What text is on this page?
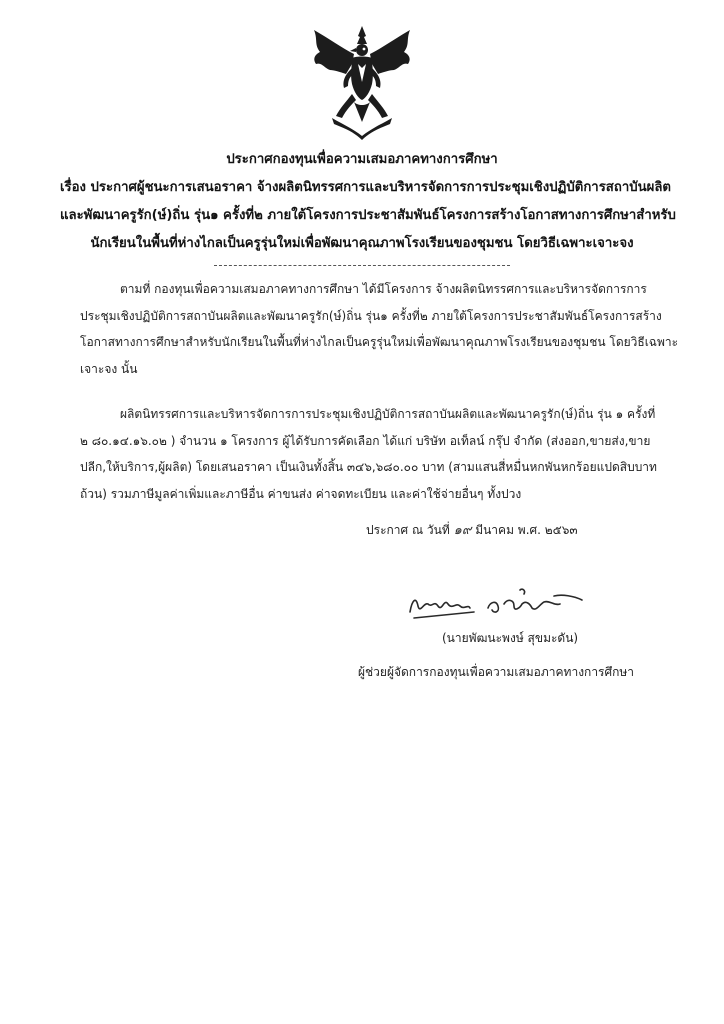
ประกาศกองทุนเพื่อความเสมอภาคทางการศึกษา
เรื่อง ประกาศผู้ชนะการเสนอราคา จ้างผลิตนิทรรศการและบริหารจัดการการประชุมเชิงปฏิบัติการสถาบันผลิต
และพัฒนาครูรัก(ษ์)ถิ่น รุ่น๑ ครั้งที่๒ ภายใต้โครงการประชาสัมพันธ์โครงการสร้างโอกาสทางการศึกษาสำหรับ
นักเรียนในพื้นที่ห่างไกลเป็นครูรุ่นใหม่เพื่อพัฒนาคุณภาพโรงเรียนของชุมชน โดยวิธีเฉพาะเจาะจง
ตามที่ กองทุนเพื่อความเสมอภาคทางการศึกษา ได้มีโครงการ จ้างผลิตนิทรรศการและบริหารจัดการการ
ประชุมเชิงปฏิบัติการสถาบันผลิตและพัฒนาครูรัก(ษ์)ถิ่น รุ่น๑ ครั้งที่๒ ภายใต้โครงการประชาสัมพันธ์โครงการสร้าง
โอกาสทางการศึกษาสำหรับนักเรียนในพื้นที่ห่างไกลเป็นครูรุ่นใหม่เพื่อพัฒนาคุณภาพโรงเรียนของชุมชน โดยวิธีเฉพาะ
เจาะจง นั้น
ผลิตนิทรรศการและบริหารจัดการการประชุมเชิงปฏิบัติการสถาบันผลิตและพัฒนาครูรัก(ษ์)ถิ่น รุ่น ๑ ครั้งที่
๒ ๘๐.๑๔.๑๖.๐๒ ) จำนวน ๑ โครงการ ผู้ได้รับการคัดเลือก ได้แก่ บริษัท อเท็ลน์ กรุ๊ป จำกัด (ส่งออก,ขายส่ง,ขาย
ปลีก,ให้บริการ,ผู้ผลิต) โดยเสนอราคา เป็นเงินทั้งสิ้น ๓๔๖,๖๘๐.๐๐ บาท (สามแสนสี่หมื่นหกพันหกร้อยแปดสิบบาท
ถ้วน) รวมภาษีมูลค่าเพิ่มและภาษีอื่น ค่าขนส่ง ค่าจดทะเบียน และค่าใช้จ่ายอื่นๆ ทั้งปวง
ประกาศ ณ วันที่ ๑๙ มีนาคม พ.ศ. ๒๕๖๓
(นายพัฒนะพงษ์ สุขมะดัน)
ผู้ช่วยผู้จัดการกองทุนเพื่อความเสมอภาคทางการศึกษา
